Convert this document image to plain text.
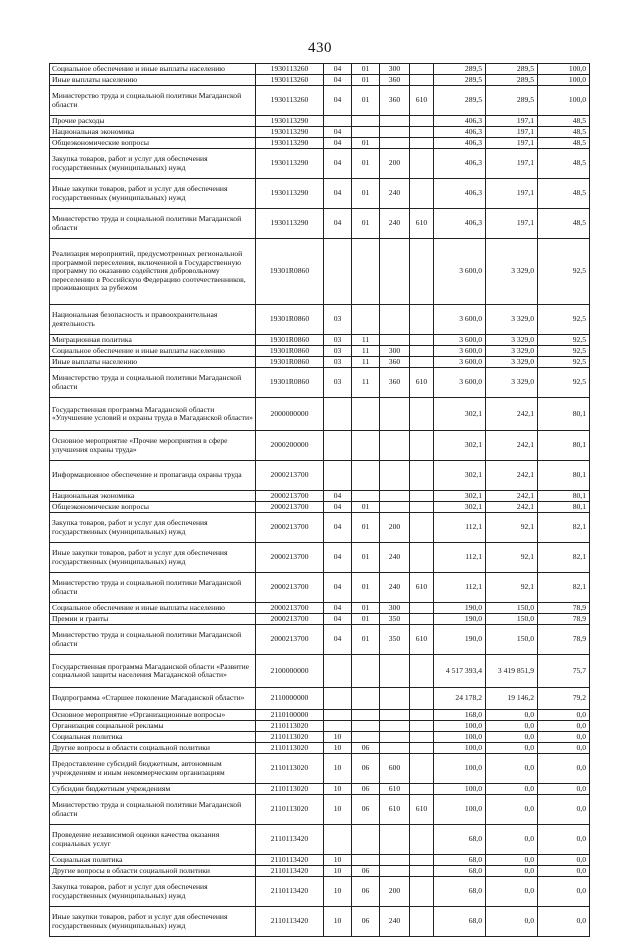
430
Социальное обеспечение и иные выплаты населению	1930113260	04	01	300		289,5	289,5	100,0
Иные выплаты населению	1930113260	04	01	360		289,5	289,5	100,0
Министерство труда и социальной политики Магаданской области	1930113260	04	01	360	610	289,5	289,5	100,0
Прочие расходы	1930113290					406,3	197,1	48,5
Национальная экономика	1930113290	04				406,3	197,1	48,5
Общеэкономические вопросы	1930113290	04	01			406,3	197,1	48,5
Закупка товаров, работ и услуг для обеспечения государственных (муниципальных) нужд	1930113290	04	01	200		406,3	197,1	48,5
Иные закупки товаров, работ и услуг для обеспечения государственных (муниципальных) нужд	1930113290	04	01	240		406,3	197,1	48,5
Министерство труда и социальной политики Магаданской области	1930113290	04	01	240	610	406,3	197,1	48,5
Реализация мероприятий, предусмотренных региональной программой переселения, включенной в Государственную программу по оказанию содействия добровольному переселению в Российскую Федерацию соотечественников, проживающих за рубежом	19301R0860					3 600,0	3 329,0	92,5
Национальная безопасность и правоохранительная деятельность	19301R0860	03				3 600,0	3 329,0	92,5
Миграционная политика	19301R0860	03	11			3 600,0	3 329,0	92,5
Социальное обеспечение и иные выплаты населению	19301R0860	03	11	300		3 600,0	3 329,0	92,5
Иные выплаты населению	19301R0860	03	11	360		3 600,0	3 329,0	92,5
Министерство труда и социальной политики Магаданской области	19301R0860	03	11	360	610	3 600,0	3 329,0	92,5
Государственная программа Магаданской области «Улучшение условий и охраны труда в Магаданской области»	2000000000					302,1	242,1	80,1
Основное мероприятие «Прочие мероприятия в сфере улучшения охраны труда»	2000200000					302,1	242,1	80,1
Информационное обеспечение и пропаганда охраны труда	2000213700					302,1	242,1	80,1
Национальная экономика	2000213700	04				302,1	242,1	80,1
Общеэкономические вопросы	2000213700	04	01			302,1	242,1	80,1
Закупка товаров, работ и услуг для обеспечения государственных (муниципальных) нужд	2000213700	04	01	200		112,1	92,1	82,1
Иные закупки товаров, работ и услуг для обеспечения государственных (муниципальных) нужд	2000213700	04	01	240		112,1	92,1	82,1
Министерство труда и социальной политики Магаданской области	2000213700	04	01	240	610	112,1	92,1	82,1
Социальное обеспечение и иные выплаты населению	2000213700	04	01	300		190,0	150,0	78,9
Премии и гранты	2000213700	04	01	350		190,0	150,0	78,9
Министерство труда и социальной политики Магаданской области	2000213700	04	01	350	610	190,0	150,0	78,9
Государственная программа Магаданской области «Развитие социальной защиты населения Магаданской области»	2100000000					4 517 393,4	3 419 851,9	75,7
Подпрограмма «Старшее поколение Магаданской области»	2110000000					24 178,2	19 146,2	79,2
Основное мероприятие «Организационные вопросы»	2110100000					168,0	0,0	0,0
Организация социальной рекламы	2110113020					100,0	0,0	0,0
Социальная политика	2110113020	10				100,0	0,0	0,0
Другие вопросы в области социальной политики	2110113020	10	06			100,0	0,0	0,0
Предоставление субсидий бюджетным, автономным учреждениям и иным некоммерческим организациям	2110113020	10	06	600		100,0	0,0	0,0
Субсидии бюджетным учреждениям	2110113020	10	06	610		100,0	0,0	0,0
Министерство труда и социальной политики Магаданской области	2110113020	10	06	610	610	100,0	0,0	0,0
Проведение независимой оценки качества оказания социальных услуг	2110113420					68,0	0,0	0,0
Социальная политика	2110113420	10				68,0	0,0	0,0
Другие вопросы в области социальной политики	2110113420	10	06			68,0	0,0	0,0
Закупка товаров, работ и услуг для обеспечения государственных (муниципальных) нужд	2110113420	10	06	200		68,0	0,0	0,0
Иные закупки товаров, работ и услуг для обеспечения государственных (муниципальных) нужд	2110113420	10	06	240		68,0	0,0	0,0
